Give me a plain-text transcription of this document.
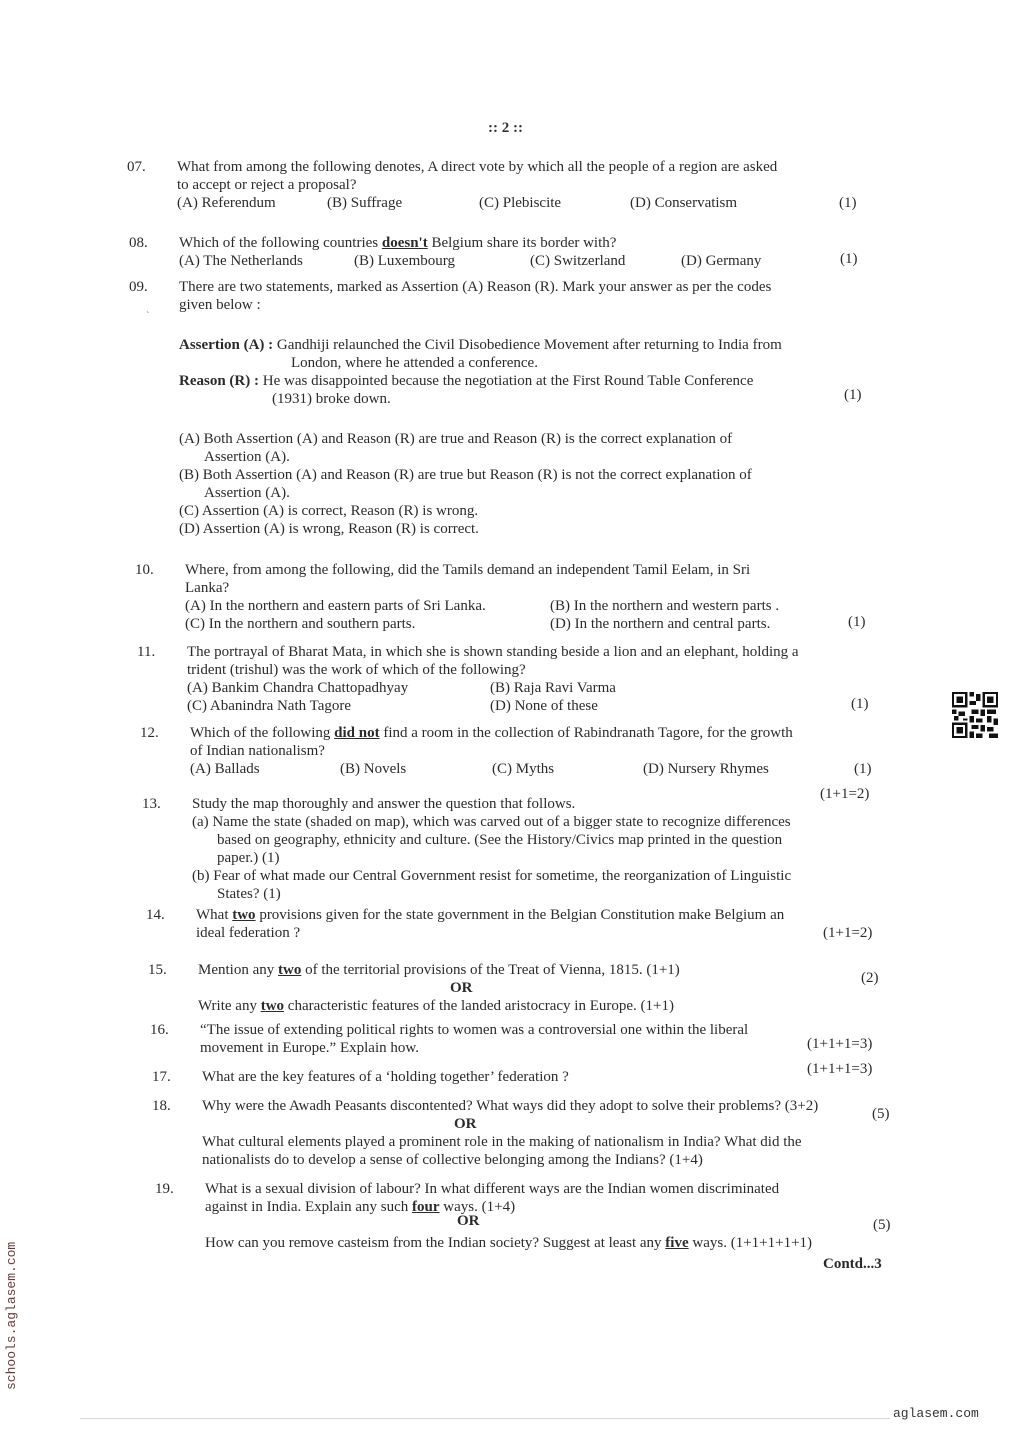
:: 2 ::
07. What from among the following denotes, A direct vote by which all the people of a region are asked
to accept or reject a proposal?
(A) Referendum	(B) Suffrage	(C) Plebiscite	(D) Conservatism	(1)
08. Which of the following countries doesn't Belgium share its border with?
(A) The Netherlands	(B) Luxembourg	(C) Switzerland	(D) Germany	(1)
09. There are two statements, marked as Assertion (A) Reason (R). Mark your answer as per the codes
given below :
Assertion (A) : Gandhiji relaunched the Civil Disobedience Movement after returning to India from
London, where he attended a conference.
Reason (R) : He was disappointed because the negotiation at the First Round Table Conference
(1931) broke down.
(A) Both Assertion (A) and Reason (R) are true and Reason (R) is the correct explanation of
Assertion (A).
(B) Both Assertion (A) and Reason (R) are true but Reason (R) is not the correct explanation of
Assertion (A).
(C) Assertion (A) is correct, Reason (R) is wrong.
(D) Assertion (A) is wrong, Reason (R) is correct.
(1)
`
10. Where, from among the following, did the Tamils demand an independent Tamil Eelam, in Sri
Lanka?
(A) In the northern and eastern parts of Sri Lanka.	(B) In the northern and western parts .
(C) In the northern and southern parts.	(D) In the northern and central parts.	(1)
11. The portrayal of Bharat Mata, in which she is shown standing beside a lion and an elephant, holding a
trident (trishul) was the work of which of the following?
(A) Bankim Chandra Chattopadhyay	(B) Raja Ravi Varma
(C) Abanindra Nath Tagore	(D) None of these	(1)
12. Which of the following did not find a room in the collection of Rabindranath Tagore, for the growth
of Indian nationalism?
(A) Ballads	(B) Novels	(C) Myths	(D) Nursery Rhymes	(1)
13. Study the map thoroughly and answer the question that follows.
(a) Name the state (shaded on map), which was carved out of a bigger state to recognize differences
based on geography, ethnicity and culture. (See the History/Civics map printed in the question
paper.) (1)
(b) Fear of what made our Central Government resist for sometime, the reorganization of Linguistic
States? (1)
(1+1=2)
14. What two provisions given for the state government in the Belgian Constitution make Belgium an
ideal federation ?	(1+1=2)
15. Mention any two of the territorial provisions of the Treat of Vienna, 1815. (1+1)
OR
Write any two characteristic features of the landed aristocracy in Europe. (1+1)
(2)
16. “The issue of extending political rights to women was a controversial one within the liberal
movement in Europe.” Explain how.	(1+1+1=3)
17. What are the key features of a ‘holding together’ federation ?	(1+1+1=3)
18. Why were the Awadh Peasants discontented? What ways did they adopt to solve their problems? (3+2)
OR
What cultural elements played a prominent role in the making of nationalism in India? What did the
nationalists do to develop a sense of collective belonging among the Indians? (1+4)
(5)
19. What is a sexual division of labour? In what different ways are the Indian women discriminated
against in India. Explain any such four ways. (1+4)
OR
How can you remove casteism from the Indian society? Suggest at least any five ways. (1+1+1+1+1)
(5)
Contd...3
schools.aglasem.com
aglasem.com
